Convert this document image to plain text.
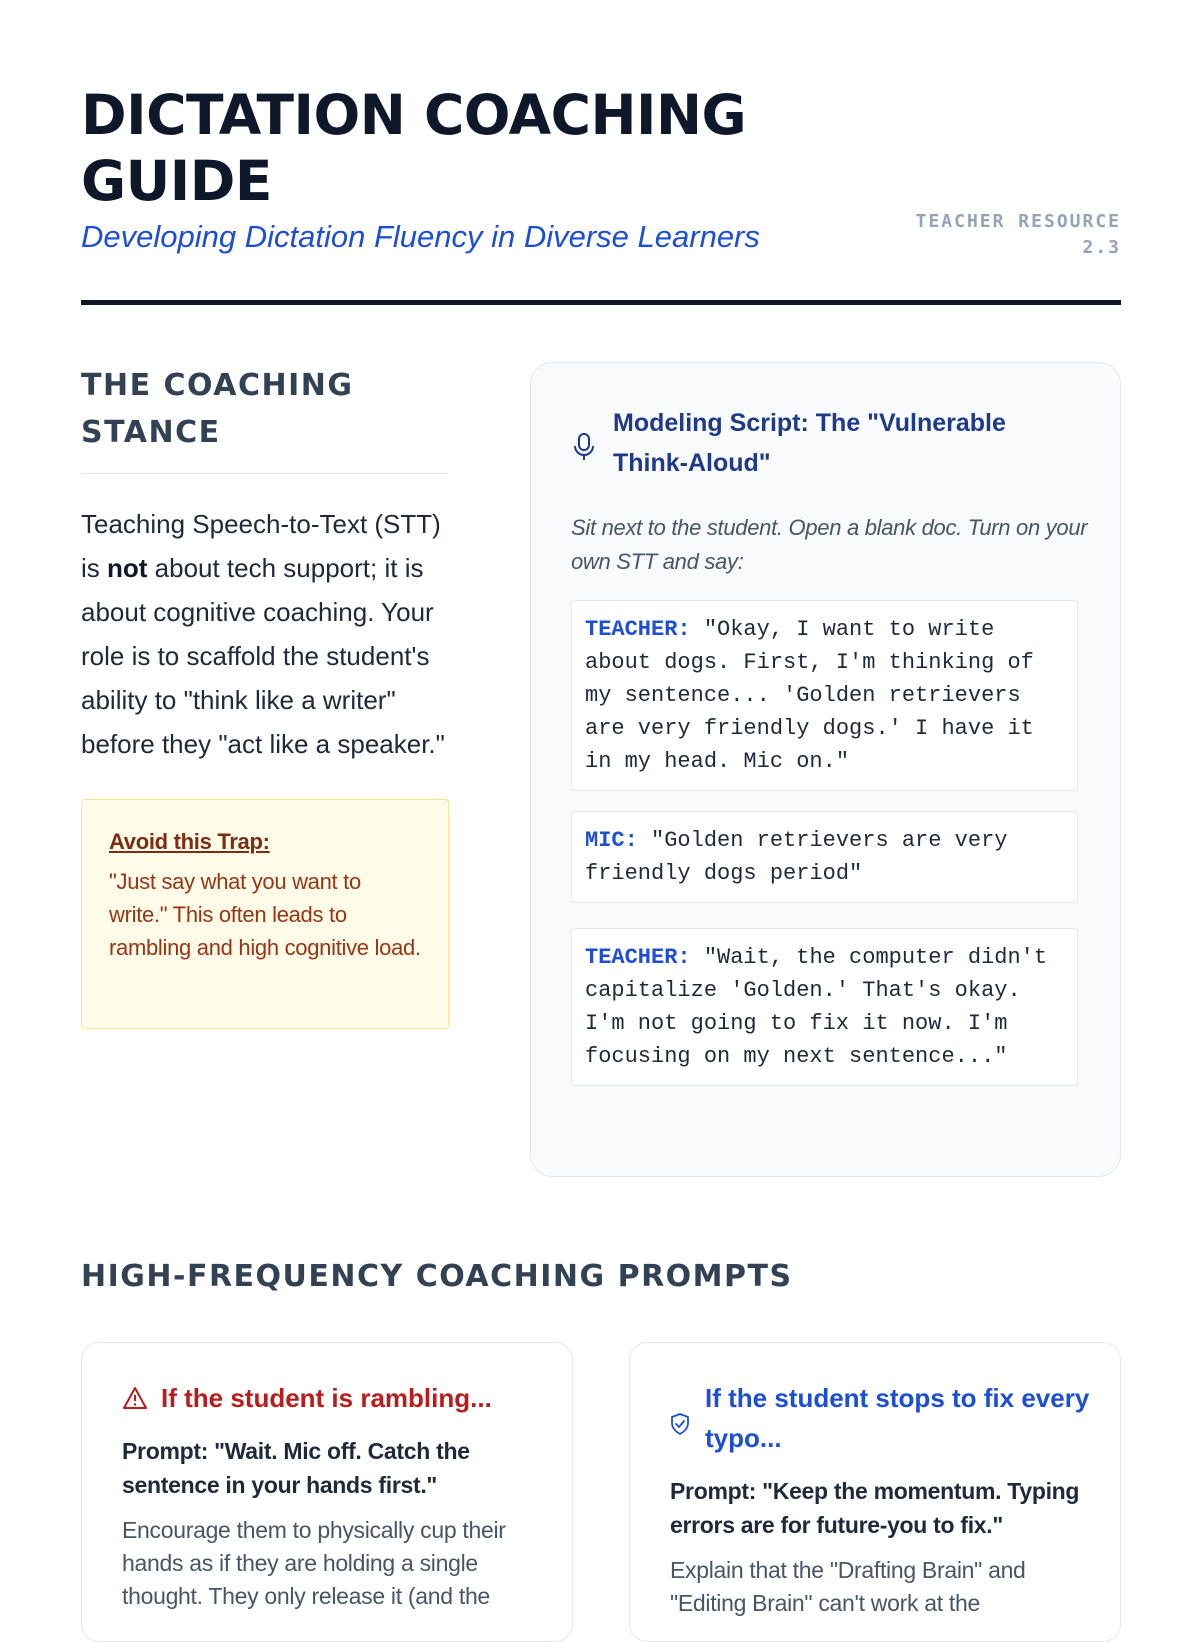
DICTATION COACHING GUIDE
Developing Dictation Fluency in Diverse Learners	TEACHER RESOURCE
2.3
THE COACHING STANCE

Teaching Speech-to-Text (STT) is not about tech support; it is about cognitive coaching. Your role is to scaffold the student's ability to "think like a writer" before they "act like a speaker."

Avoid this Trap:
"Just say what you want to write." This often leads to rambling and high cognitive load.
Modeling Script: The "Vulnerable Think-Aloud"
Sit next to the student. Open a blank doc. Turn on your own STT and say:
TEACHER: "Okay, I want to write about dogs. First, I'm thinking of my sentence... 'Golden retrievers are very friendly dogs.' I have it in my head. Mic on."
MIC: "Golden retrievers are very friendly dogs period"
TEACHER: "Wait, the computer didn't capitalize 'Golden.' That's okay. I'm not going to fix it now. I'm focusing on my next sentence..."
HIGH-FREQUENCY COACHING PROMPTS
If the student is rambling...
Prompt: "Wait. Mic off. Catch the sentence in your hands first."
Encourage them to physically cup their hands as if they are holding a single thought. They only release it (and the
If the student stops to fix every typo...
Prompt: "Keep the momentum. Typing errors are for future-you to fix."
Explain that the "Drafting Brain" and "Editing Brain" can't work at the
